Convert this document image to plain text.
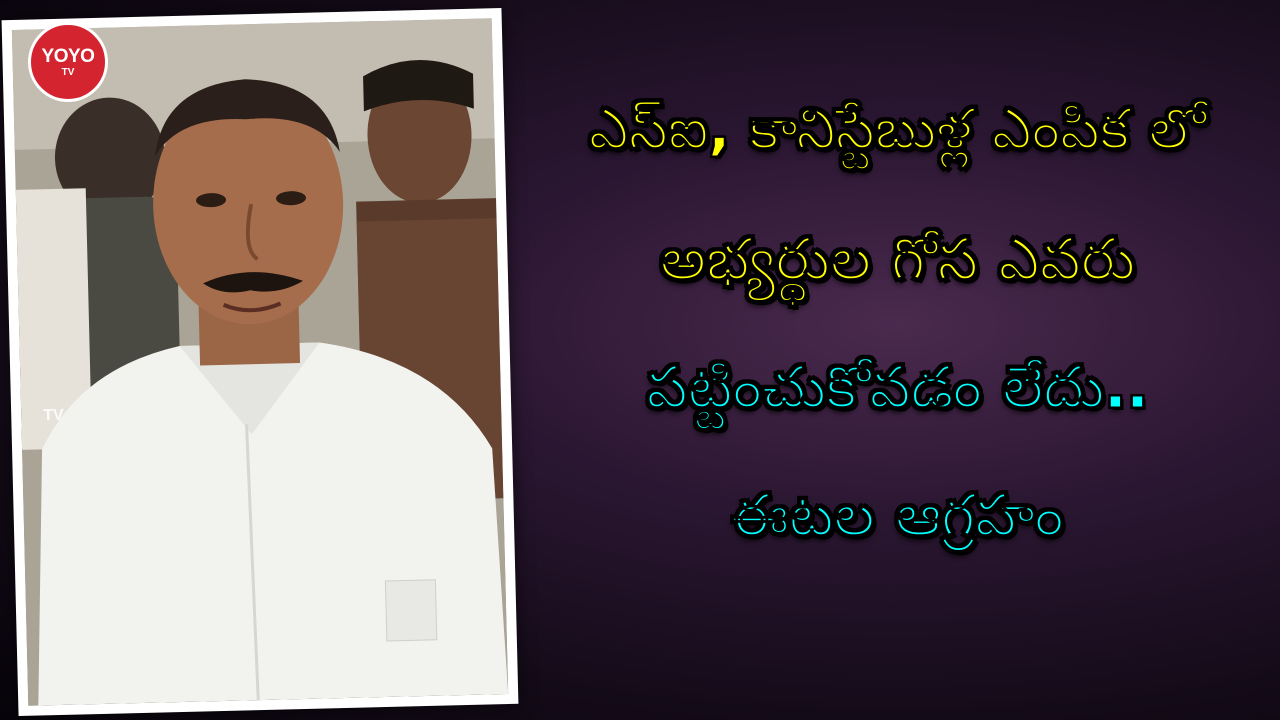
TV
YOYO
TV
ఎస్ఐ, కానిస్టేబుళ్ల ఎంపిక లో
అభ్యర్థుల గోస ఎవరు
పట్టించుకోవడం లేదు..
ఈటల ఆగ్రహం
